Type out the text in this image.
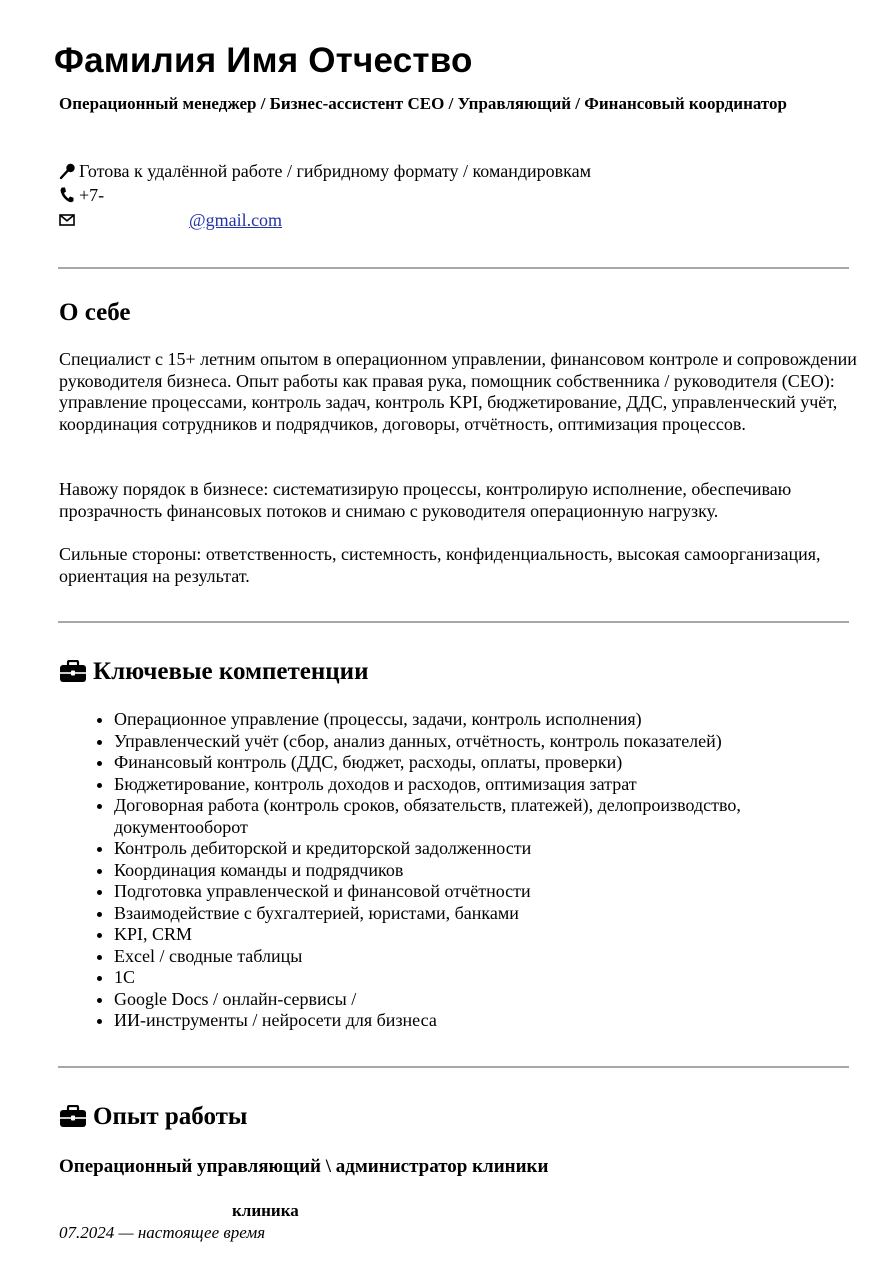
Фамилия Имя Отчество

Операционный менеджер / Бизнес-ассистент CEO / Управляющий / Финансовый координатор

Готова к удалённой работе / гибридному формату / командировкам
+7-
@gmail.com
О себе

Специалист с 15+ летним опытом в операционном управлении, финансовом контроле и сопровождении руководителя бизнеса. Опыт работы как правая рука, помощник собственника / руководителя (CEO): управление процессами, контроль задач, контроль KPI, бюджетирование, ДДС, управленческий учёт, координация сотрудников и подрядчиков, договоры, отчётность, оптимизация процессов.

Навожу порядок в бизнесе: систематизирую процессы, контролирую исполнение, обеспечиваю прозрачность финансовых потоков и снимаю с руководителя операционную нагрузку.

Сильные стороны: ответственность, системность, конфиденциальность, высокая самоорганизация, ориентация на результат.

Ключевые компетенции
• Операционное управление (процессы, задачи, контроль исполнения)
• Управленческий учёт (сбор, анализ данных, отчётность, контроль показателей)
• Финансовый контроль (ДДС, бюджет, расходы, оплаты, проверки)
• Бюджетирование, контроль доходов и расходов, оптимизация затрат
• Договорная работа (контроль сроков, обязательств, платежей), делопроизводство, документооборот
• Контроль дебиторской и кредиторской задолженности
• Координация команды и подрядчиков
• Подготовка управленческой и финансовой отчётности
• Взаимодействие с бухгалтерией, юристами, банками
• KPI, CRM
• Excel / сводные таблицы
• 1С
• Google Docs / онлайн-сервисы /
• ИИ-инструменты / нейросети для бизнеса
Опыт работы

Операционный управляющий \ администратор клиники

клиника

07.2024 — настоящее время
